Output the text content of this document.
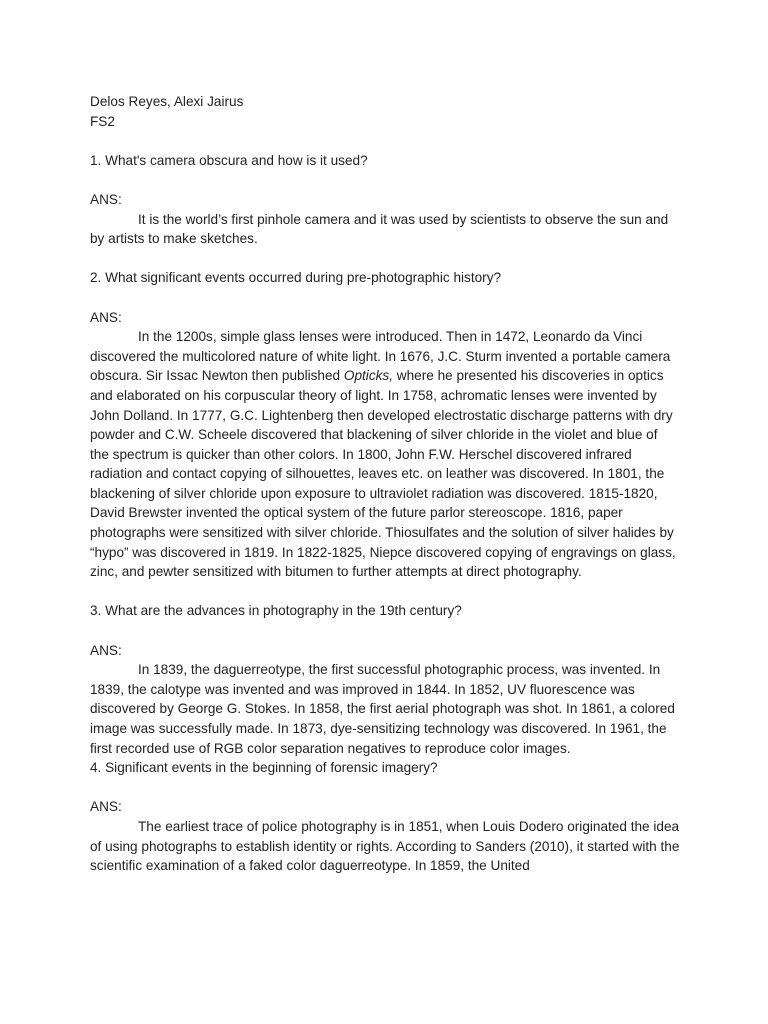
Delos Reyes, Alexi Jairus
FS2
1. What's camera obscura and how is it used?
ANS:

It is the world’s first pinhole camera and it was used by scientists to observe the sun and by artists to make sketches.

2. What significant events occurred during pre-photographic history?
ANS:

In the 1200s, simple glass lenses were introduced. Then in 1472, Leonardo da Vinci discovered the multicolored nature of white light. In 1676, J.C. Sturm invented a portable camera obscura. Sir Issac Newton then published Opticks, where he presented his discoveries in optics and elaborated on his corpuscular theory of light. In 1758, achromatic lenses were invented by John Dolland. In 1777, G.C. Lightenberg then developed electrostatic discharge patterns with dry powder and C.W. Scheele discovered that blackening of silver chloride in the violet and blue of the spectrum is quicker than other colors. In 1800, John F.W. Herschel discovered infrared radiation and contact copying of silhouettes, leaves etc. on leather was discovered. In 1801, the blackening of silver chloride upon exposure to ultraviolet radiation was discovered. 1815-1820, David Brewster invented the optical system of the future parlor stereoscope. 1816, paper photographs were sensitized with silver chloride. Thiosulfates and the solution of silver halides by “hypo” was discovered in 1819. In 1822-1825, Niepce discovered copying of engravings on glass, zinc, and pewter sensitized with bitumen to further attempts at direct photography.

3. What are the advances in photography in the 19th century?
ANS:

In 1839, the daguerreotype, the first successful photographic process, was invented. In 1839, the calotype was invented and was improved in 1844. In 1852, UV fluorescence was discovered by George G. Stokes. In 1858, the first aerial photograph was shot. In 1861, a colored image was successfully made. In 1873, dye-sensitizing technology was discovered. In 1961, the first recorded use of RGB color separation negatives to reproduce color images.

4. Significant events in the beginning of forensic imagery?
ANS:

The earliest trace of police photography is in 1851, when Louis Dodero originated the idea of using photographs to establish identity or rights. According to Sanders (2010), it started with the scientific examination of a faked color daguerreotype. In 1859, the United
